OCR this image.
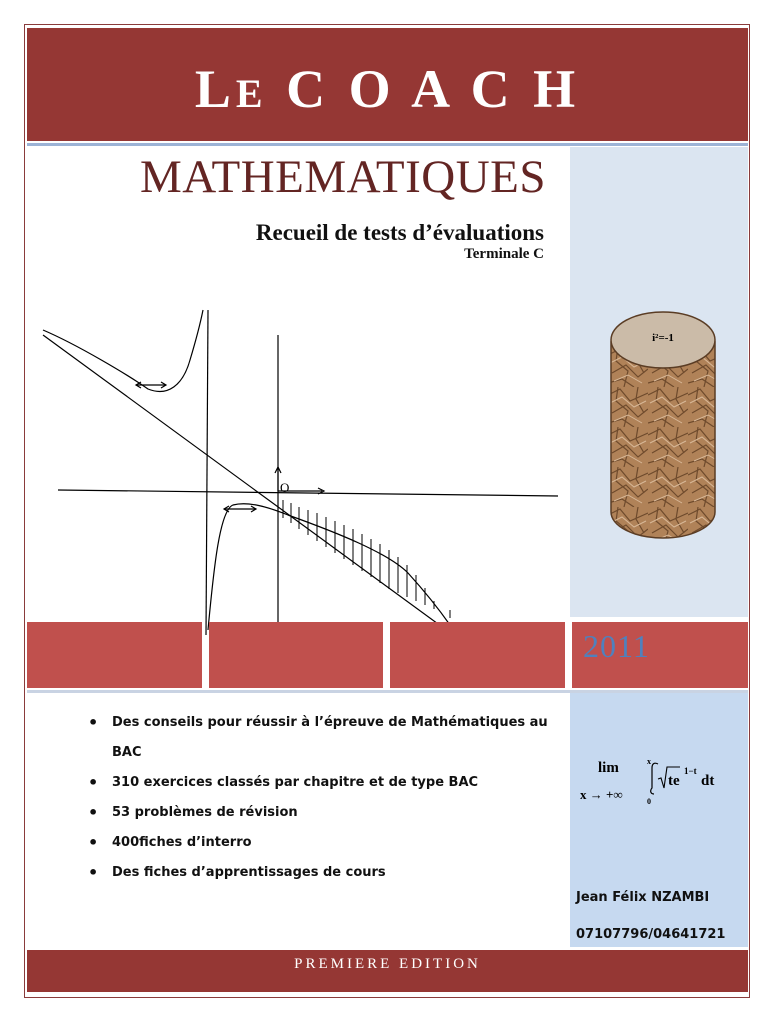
LE C O A C H
MATHEMATIQUES
Recueil de tests d’évaluations
Terminale C
O
i²=-1
2011
• Des conseils pour réussir à l’épreuve de Mathématiques au BAC
• 310 exercices classés par chapitre et de type BAC
• 53 problèmes de révision
• 400fiches d’interro
• Des fiches d’apprentissages de cours
lim
x → +∞
x
0
te
1−t
dt
Jean Félix NZAMBI
07107796/04641721
PREMIERE EDITION
